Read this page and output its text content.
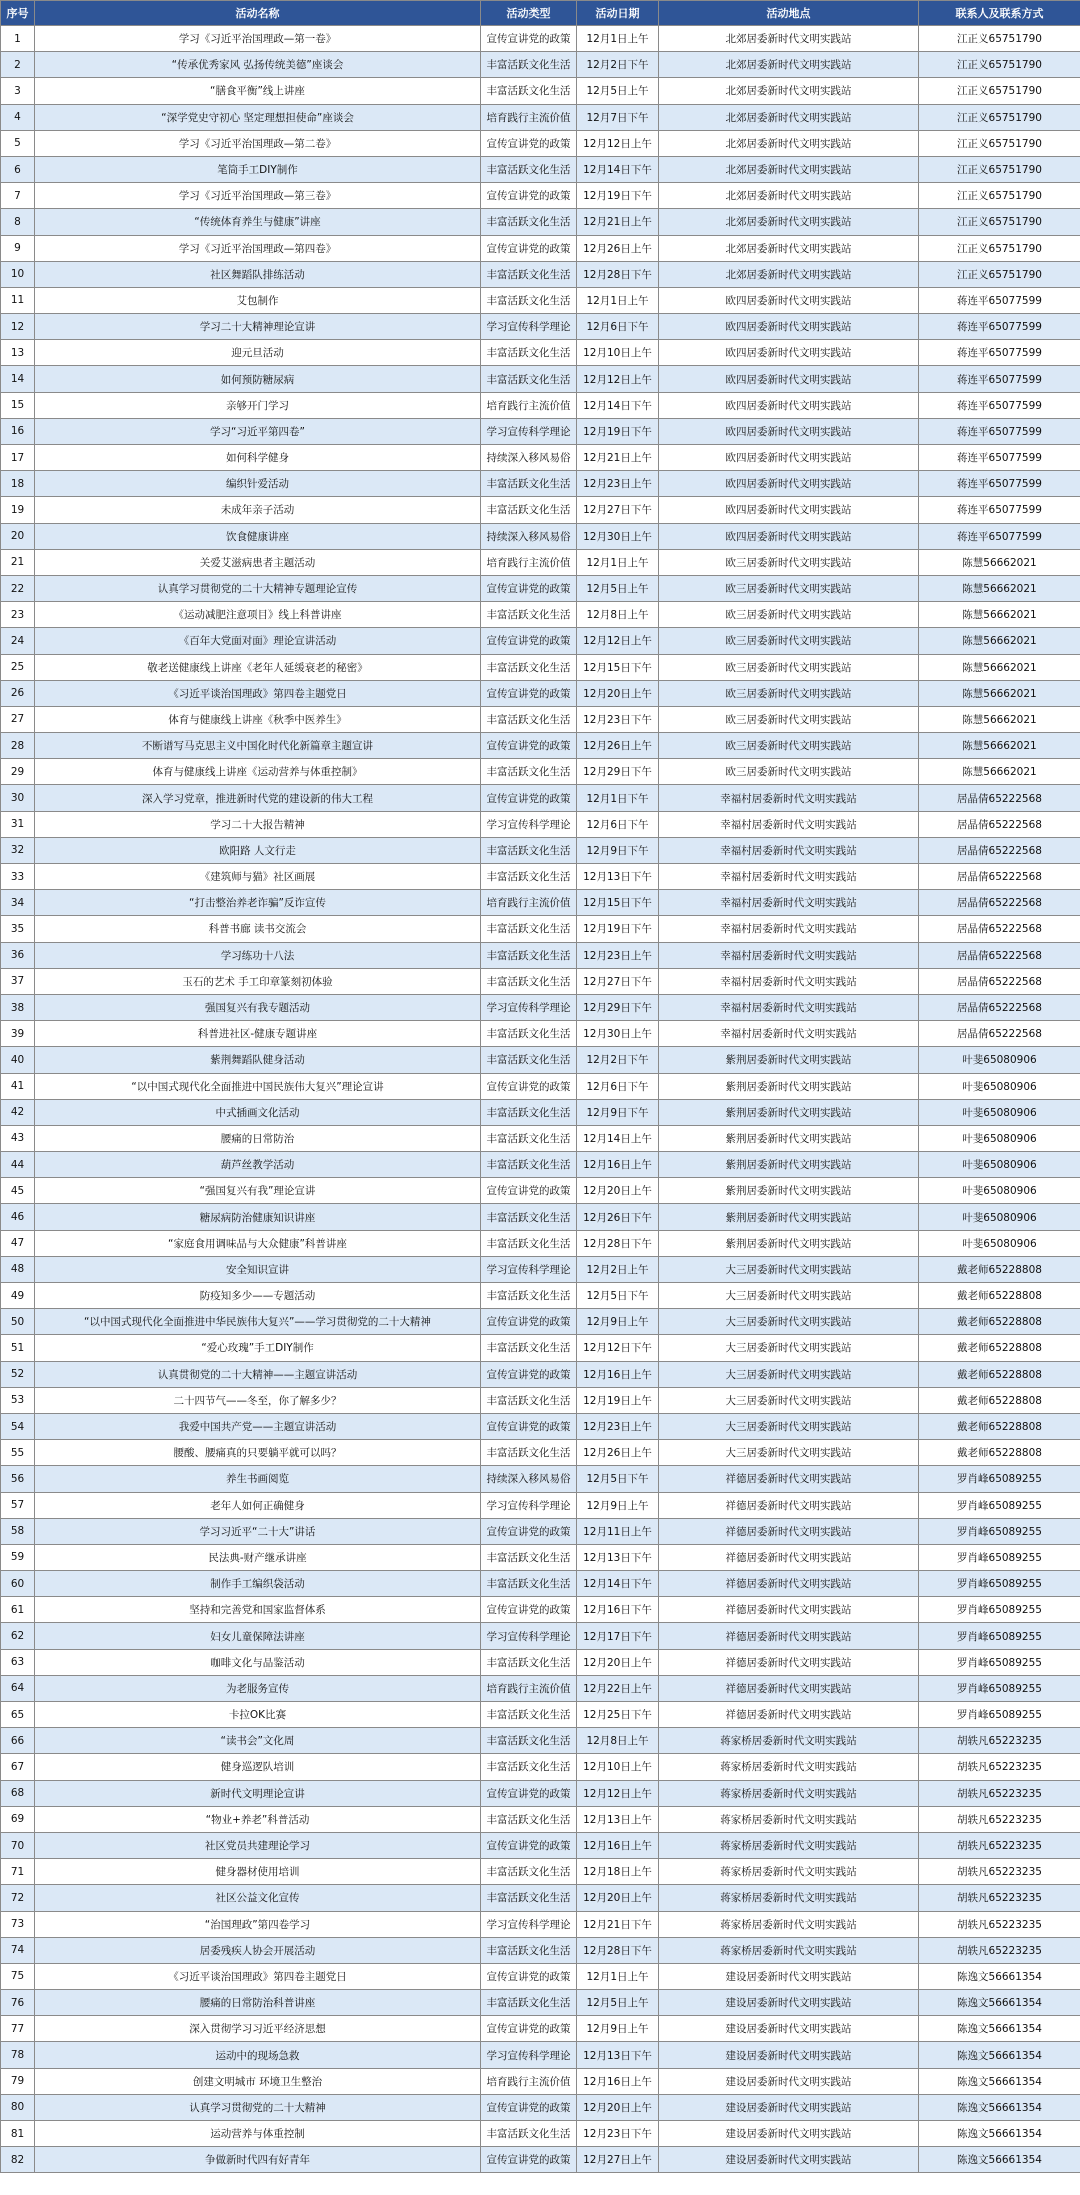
序号	活动名称	活动类型	活动日期	活动地点	联系人及联系方式
1	学习《习近平治国理政—第一卷》	宣传宣讲党的政策	12月1日上午	北郊居委新时代文明实践站	江正义65751790
2	“传承优秀家风 弘扬传统美德”座谈会	丰富活跃文化生活	12月2日下午	北郊居委新时代文明实践站	江正义65751790
3	“膳食平衡”线上讲座	丰富活跃文化生活	12月5日上午	北郊居委新时代文明实践站	江正义65751790
4	“深学党史守初心 坚定理想担使命”座谈会	培育践行主流价值	12月7日下午	北郊居委新时代文明实践站	江正义65751790
5	学习《习近平治国理政—第二卷》	宣传宣讲党的政策	12月12日上午	北郊居委新时代文明实践站	江正义65751790
6	笔筒手工DIY制作	丰富活跃文化生活	12月14日下午	北郊居委新时代文明实践站	江正义65751790
7	学习《习近平治国理政—第三卷》	宣传宣讲党的政策	12月19日下午	北郊居委新时代文明实践站	江正义65751790
8	“传统体育养生与健康”讲座	丰富活跃文化生活	12月21日上午	北郊居委新时代文明实践站	江正义65751790
9	学习《习近平治国理政—第四卷》	宣传宣讲党的政策	12月26日上午	北郊居委新时代文明实践站	江正义65751790
10	社区舞蹈队排练活动	丰富活跃文化生活	12月28日下午	北郊居委新时代文明实践站	江正义65751790
11	艾包制作	丰富活跃文化生活	12月1日上午	欧四居委新时代文明实践站	蒋连平65077599
12	学习二十大精神理论宣讲	学习宣传科学理论	12月6日下午	欧四居委新时代文明实践站	蒋连平65077599
13	迎元旦活动	丰富活跃文化生活	12月10日上午	欧四居委新时代文明实践站	蒋连平65077599
14	如何预防糖尿病	丰富活跃文化生活	12月12日上午	欧四居委新时代文明实践站	蒋连平65077599
15	亲够开门学习	培育践行主流价值	12月14日下午	欧四居委新时代文明实践站	蒋连平65077599
16	学习“习近平第四卷”	学习宣传科学理论	12月19日下午	欧四居委新时代文明实践站	蒋连平65077599
17	如何科学健身	持续深入移风易俗	12月21日上午	欧四居委新时代文明实践站	蒋连平65077599
18	编织针爱活动	丰富活跃文化生活	12月23日上午	欧四居委新时代文明实践站	蒋连平65077599
19	未成年亲子活动	丰富活跃文化生活	12月27日下午	欧四居委新时代文明实践站	蒋连平65077599
20	饮食健康讲座	持续深入移风易俗	12月30日上午	欧四居委新时代文明实践站	蒋连平65077599
21	关爱艾滋病患者主题活动	培育践行主流价值	12月1日上午	欧三居委新时代文明实践站	陈慧56662021
22	认真学习贯彻党的二十大精神专题理论宣传	宣传宣讲党的政策	12月5日上午	欧三居委新时代文明实践站	陈慧56662021
23	《运动减肥注意项目》线上科普讲座	丰富活跃文化生活	12月8日上午	欧三居委新时代文明实践站	陈慧56662021
24	《百年大党面对面》理论宣讲活动	宣传宣讲党的政策	12月12日上午	欧三居委新时代文明实践站	陈慧56662021
25	敬老送健康线上讲座《老年人延缓衰老的秘密》	丰富活跃文化生活	12月15日下午	欧三居委新时代文明实践站	陈慧56662021
26	《习近平谈治国理政》第四卷主题党日	宣传宣讲党的政策	12月20日上午	欧三居委新时代文明实践站	陈慧56662021
27	体育与健康线上讲座《秋季中医养生》	丰富活跃文化生活	12月23日下午	欧三居委新时代文明实践站	陈慧56662021
28	不断谱写马克思主义中国化时代化新篇章主题宣讲	宣传宣讲党的政策	12月26日上午	欧三居委新时代文明实践站	陈慧56662021
29	体育与健康线上讲座《运动营养与体重控制》	丰富活跃文化生活	12月29日下午	欧三居委新时代文明实践站	陈慧56662021
30	深入学习党章，推进新时代党的建设新的伟大工程	宣传宣讲党的政策	12月1日下午	幸福村居委新时代文明实践站	居晶倩65222568
31	学习二十大报告精神	学习宣传科学理论	12月6日下午	幸福村居委新时代文明实践站	居晶倩65222568
32	欧阳路 人文行走	丰富活跃文化生活	12月9日下午	幸福村居委新时代文明实践站	居晶倩65222568
33	《建筑师与猫》社区画展	丰富活跃文化生活	12月13日下午	幸福村居委新时代文明实践站	居晶倩65222568
34	“打击整治养老诈骗”反诈宣传	培育践行主流价值	12月15日下午	幸福村居委新时代文明实践站	居晶倩65222568
35	科普书廊 读书交流会	丰富活跃文化生活	12月19日下午	幸福村居委新时代文明实践站	居晶倩65222568
36	学习练功十八法	丰富活跃文化生活	12月23日上午	幸福村居委新时代文明实践站	居晶倩65222568
37	玉石的艺术 手工印章篆刻初体验	丰富活跃文化生活	12月27日下午	幸福村居委新时代文明实践站	居晶倩65222568
38	强国复兴有我专题活动	学习宣传科学理论	12月29日下午	幸福村居委新时代文明实践站	居晶倩65222568
39	科普进社区-健康专题讲座	丰富活跃文化生活	12月30日上午	幸福村居委新时代文明实践站	居晶倩65222568
40	紫荆舞蹈队健身活动	丰富活跃文化生活	12月2日下午	紫荆居委新时代文明实践站	叶斐65080906
41	“以中国式现代化全面推进中国民族伟大复兴”理论宣讲	宣传宣讲党的政策	12月6日下午	紫荆居委新时代文明实践站	叶斐65080906
42	中式插画文化活动	丰富活跃文化生活	12月9日下午	紫荆居委新时代文明实践站	叶斐65080906
43	腰痛的日常防治	丰富活跃文化生活	12月14日上午	紫荆居委新时代文明实践站	叶斐65080906
44	葫芦丝教学活动	丰富活跃文化生活	12月16日上午	紫荆居委新时代文明实践站	叶斐65080906
45	“强国复兴有我”理论宣讲	宣传宣讲党的政策	12月20日上午	紫荆居委新时代文明实践站	叶斐65080906
46	糖尿病防治健康知识讲座	丰富活跃文化生活	12月26日下午	紫荆居委新时代文明实践站	叶斐65080906
47	“家庭食用调味品与大众健康”科普讲座	丰富活跃文化生活	12月28日下午	紫荆居委新时代文明实践站	叶斐65080906
48	安全知识宣讲	学习宣传科学理论	12月2日上午	大三居委新时代文明实践站	戴老师65228808
49	防疫知多少——专题活动	丰富活跃文化生活	12月5日下午	大三居委新时代文明实践站	戴老师65228808
50	“以中国式现代化全面推进中华民族伟大复兴”——学习贯彻党的二十大精神	宣传宣讲党的政策	12月9日上午	大三居委新时代文明实践站	戴老师65228808
51	“爱心玫瑰”手工DIY制作	丰富活跃文化生活	12月12日下午	大三居委新时代文明实践站	戴老师65228808
52	认真贯彻党的二十大精神——主题宣讲活动	宣传宣讲党的政策	12月16日上午	大三居委新时代文明实践站	戴老师65228808
53	二十四节气——冬至，你了解多少？	丰富活跃文化生活	12月19日上午	大三居委新时代文明实践站	戴老师65228808
54	我爱中国共产党——主题宣讲活动	宣传宣讲党的政策	12月23日上午	大三居委新时代文明实践站	戴老师65228808
55	腰酸、腰痛真的只要躺平就可以吗？	丰富活跃文化生活	12月26日上午	大三居委新时代文明实践站	戴老师65228808
56	养生书画阅览	持续深入移风易俗	12月5日下午	祥德居委新时代文明实践站	罗肖峰65089255
57	老年人如何正确健身	学习宣传科学理论	12月9日上午	祥德居委新时代文明实践站	罗肖峰65089255
58	学习习近平“二十大”讲话	宣传宣讲党的政策	12月11日上午	祥德居委新时代文明实践站	罗肖峰65089255
59	民法典-财产继承讲座	丰富活跃文化生活	12月13日下午	祥德居委新时代文明实践站	罗肖峰65089255
60	制作手工编织袋活动	丰富活跃文化生活	12月14日下午	祥德居委新时代文明实践站	罗肖峰65089255
61	坚持和完善党和国家监督体系	宣传宣讲党的政策	12月16日下午	祥德居委新时代文明实践站	罗肖峰65089255
62	妇女儿童保障法讲座	学习宣传科学理论	12月17日下午	祥德居委新时代文明实践站	罗肖峰65089255
63	咖啡文化与品鉴活动	丰富活跃文化生活	12月20日上午	祥德居委新时代文明实践站	罗肖峰65089255
64	为老服务宣传	培育践行主流价值	12月22日上午	祥德居委新时代文明实践站	罗肖峰65089255
65	卡拉OK比赛	丰富活跃文化生活	12月25日下午	祥德居委新时代文明实践站	罗肖峰65089255
66	“读书会”文化周	丰富活跃文化生活	12月8日上午	蒋家桥居委新时代文明实践站	胡轶凡65223235
67	健身巡逻队培训	丰富活跃文化生活	12月10日上午	蒋家桥居委新时代文明实践站	胡轶凡65223235
68	新时代文明理论宣讲	宣传宣讲党的政策	12月12日上午	蒋家桥居委新时代文明实践站	胡轶凡65223235
69	“物业+养老”科普活动	丰富活跃文化生活	12月13日上午	蒋家桥居委新时代文明实践站	胡轶凡65223235
70	社区党员共建理论学习	宣传宣讲党的政策	12月16日上午	蒋家桥居委新时代文明实践站	胡轶凡65223235
71	健身器材使用培训	丰富活跃文化生活	12月18日上午	蒋家桥居委新时代文明实践站	胡轶凡65223235
72	社区公益文化宣传	丰富活跃文化生活	12月20日上午	蒋家桥居委新时代文明实践站	胡轶凡65223235
73	“治国理政”第四卷学习	学习宣传科学理论	12月21日下午	蒋家桥居委新时代文明实践站	胡轶凡65223235
74	居委残疾人协会开展活动	丰富活跃文化生活	12月28日下午	蒋家桥居委新时代文明实践站	胡轶凡65223235
75	《习近平谈治国理政》第四卷主题党日	宣传宣讲党的政策	12月1日上午	建设居委新时代文明实践站	陈逸文56661354
76	腰痛的日常防治科普讲座	丰富活跃文化生活	12月5日上午	建设居委新时代文明实践站	陈逸文56661354
77	深入贯彻学习习近平经济思想	宣传宣讲党的政策	12月9日上午	建设居委新时代文明实践站	陈逸文56661354
78	运动中的现场急救	学习宣传科学理论	12月13日下午	建设居委新时代文明实践站	陈逸文56661354
79	创建文明城市 环境卫生整治	培育践行主流价值	12月16日上午	建设居委新时代文明实践站	陈逸文56661354
80	认真学习贯彻党的二十大精神	宣传宣讲党的政策	12月20日上午	建设居委新时代文明实践站	陈逸文56661354
81	运动营养与体重控制	丰富活跃文化生活	12月23日下午	建设居委新时代文明实践站	陈逸文56661354
82	争做新时代四有好青年	宣传宣讲党的政策	12月27日上午	建设居委新时代文明实践站	陈逸文56661354
